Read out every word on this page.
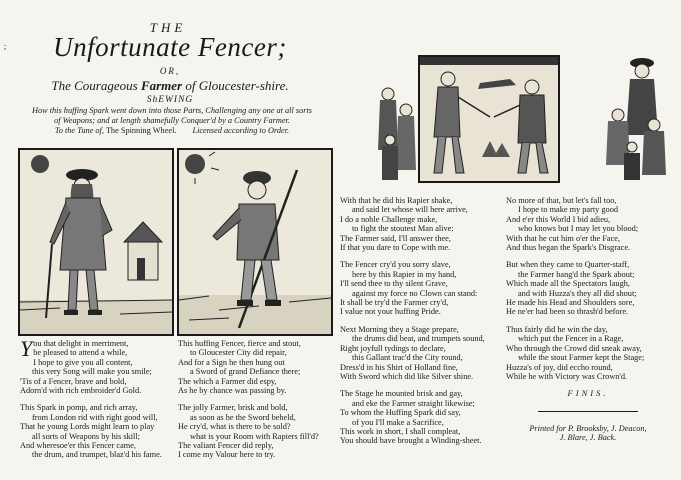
;
THE
Unfortunate Fencer;
OR,
The Courageous Farmer of Gloucester-shire.
ShEWING
How this huffing Spark went down into those Parts, Challenging any one at all sorts
of Weapons; and at length shamefully Conquer'd by a Country Farmer.
To the Tune of, The Spinning Wheel. Licensed according to Order.
Y ou that delight in merriment,
be pleased to attend a while,
I hope to give you all content,
this very Song will make you smile;
'Tis of a Fencer, brave and bold,
Adorn'd with rich embroider'd Gold.
This Spark in pomp, and rich array,
from London rid with right good will,
That he young Lords might learn to play
all sorts of Weapons by his skill;
And wheresoe'er this Fencer came,
the drum, and trumpet, blaz'd his fame.
This huffing Fencer, fierce and stout,
to Gloucester City did repair,
And for a Sign he then hung out
a Sword of grand Defiance there;
The which a Farmer did espy,
As he by chance was passing by.
The jolly Farmer, brisk and bold,
as soon as he the Sword beheld,
He cry'd, what is there to be sold?
what is your Room with Rapiers fill'd?
The valiant Fencer did reply,
I come my Valour here to try.
With that he did his Rapier shake,
and said let whose will here arrive,
I do a noble Challenge make,
to fight the stoutest Man alive:
The Farmer said, I'll answer thee,
If that you dare to Cope with me.
The Fencer cry'd you sorry slave,
here by this Rapier in my hand,
I'll send thee to thy silent Grave,
against my force no Clown can stand:
It shall be try'd the Farmer cry'd,
I value not your huffing Pride.
Next Morning they a Stage prepare,
the drums did beat, and trumpets sound,
Right joyfull tydings to declare,
this Gallant trac'd the City round,
Dress'd in his Shirt of Holland fine,
With Sword which did like Silver shine.
The Stage he mounted brisk and gay,
and eke the Farmer straight likewise;
To whom the Huffing Spark did say,
of you I'll make a Sacrifice,
This work in short, I shall compleat,
You should have brought a Winding-sheet.
No more of that, but let's fall too,
I hope to make my party good
And e'er this World I bid adieu,
who knows but I may let you blood;
With that he cut him o'er the Face,
And thus began the Spark's Disgrace.
But when they came to Quarter-staff,
the Farmer bang'd the Spark about;
Which made all the Spectators laugh,
and with Huzza's they all did shout;
He made his Head and Shoulders sore,
He ne'er had been so thrash'd before.
Thus fairly did he win the day,
which put the Fencer in a Rage,
Who through the Crowd did sneak away,
while the stout Farmer kept the Stage;
Huzza's of joy, did eccho round,
While he with Victory was Crown'd.
FINIS.
Printed for P. Brooksby, J. Deacon,
J. Blare, J. Back.
